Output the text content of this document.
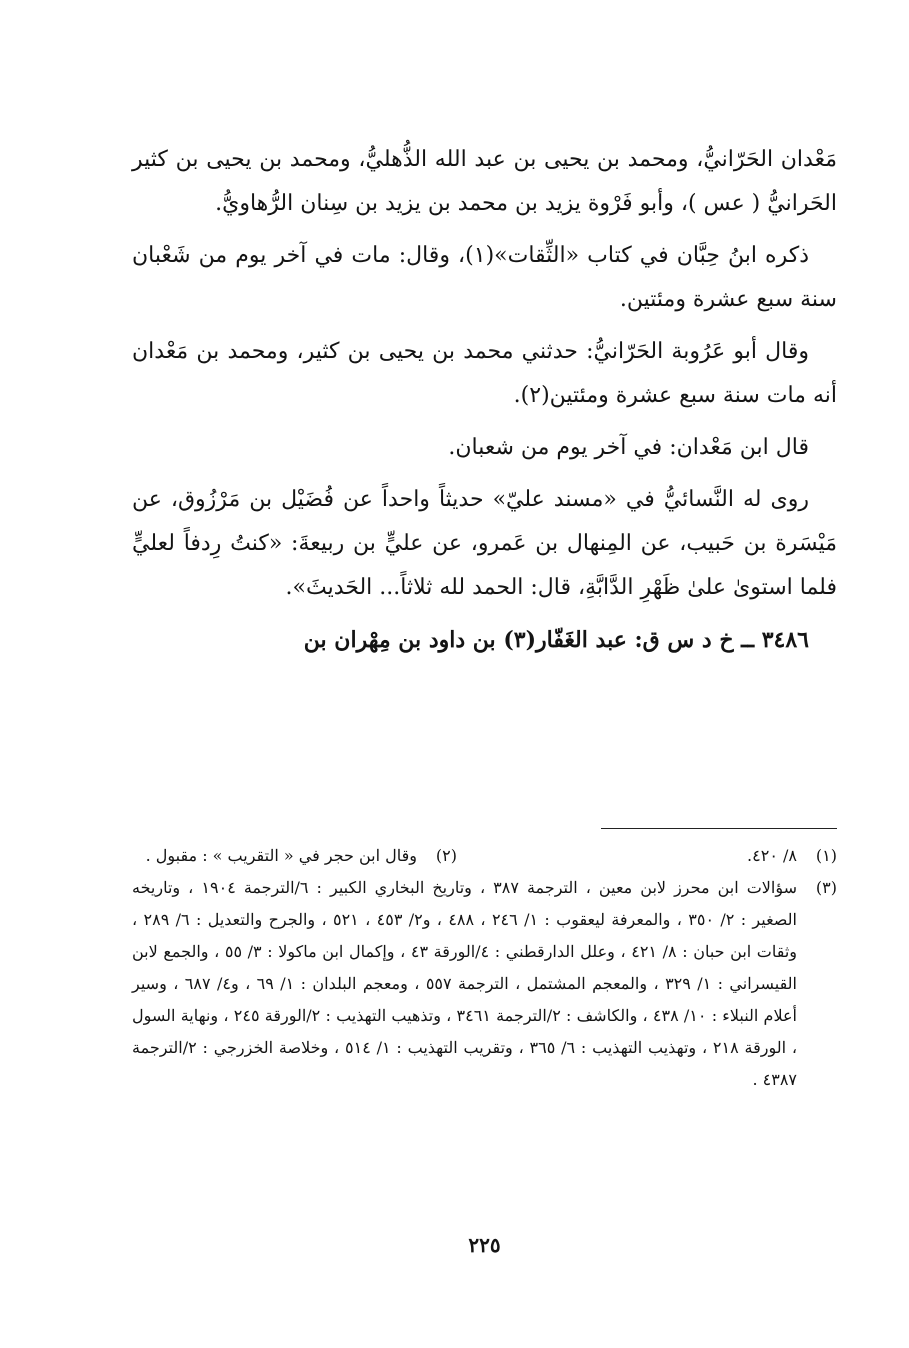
مَعْدان الحَرّانيُّ، ومحمد بن يحيى بن عبد الله الذُّهليُّ، ومحمد بن يحيى بن كثير الحَرانيُّ ( عس )، وأبو فَرْوة يزيد بن محمد بن يزيد بن سِنان الرُّهاويُّ.

ذكره ابنُ حِبَّان في كتاب «الثِّقات»(١)، وقال: مات في آخر يوم من شَعْبان سنة سبع عشرة ومئتين.

وقال أبو عَرُوبة الحَرّانيُّ: حدثني محمد بن يحيى بن كثير، ومحمد بن مَعْدان أنه مات سنة سبع عشرة ومئتين(٢).

قال ابن مَعْدان: في آخر يوم من شعبان.

روى له النَّسائيُّ في «مسند عليّ» حديثاً واحداً عن فُضَيْل بن مَرْزُوق، عن مَيْسَرة بن حَبيب، عن المِنهال بن عَمرو، عن عليٍّ بن ربيعةَ: «كنتُ رِدفاً لعليٍّ فلما استوىٰ علىٰ ظَهْرِ الدَّابَّةِ، قال: الحمد لله ثلاثاً... الحَديثَ».

٣٤٨٦ ــ خ د س ق: عبد الغَفّار(٣) بن داود بن مِهْران بن

(١)
٨/ ٤٢٠.
(٢)
وقال ابن حجر في « التقريب » : مقبول .
(٣)
سؤالات ابن محرز لابن معين ، الترجمة ٣٨٧ ، وتاريخ البخاري الكبير : ٦/الترجمة ١٩٠٤ ، وتاريخه الصغير : ٢/ ٣٥٠ ، والمعرفة ليعقوب : ١/ ٢٤٦ ، ٤٨٨ ، و٢/ ٤٥٣ ، ٥٢١ ، والجرح والتعديل : ٦/ ٢٨٩ ، وثقات ابن حبان : ٨/ ٤٢١ ، وعلل الدارقطني : ٤/الورقة ٤٣ ، وإكمال ابن ماكولا : ٣/ ٥٥ ، والجمع لابن القيسراني : ١/ ٣٢٩ ، والمعجم المشتمل ، الترجمة ٥٥٧ ، ومعجم البلدان : ١/ ٦٩ ، و٤/ ٦٨٧ ، وسير أعلام النبلاء : ١٠/ ٤٣٨ ، والكاشف : ٢/الترجمة ٣٤٦١ ، وتذهيب التهذيب : ٢/الورقة ٢٤٥ ، ونهاية السول ، الورقة ٢١٨ ، وتهذيب التهذيب : ٦/ ٣٦٥ ، وتقريب التهذيب : ١/ ٥١٤ ، وخلاصة الخزرجي : ٢/الترجمة ٤٣٨٧ .
٢٢٥
